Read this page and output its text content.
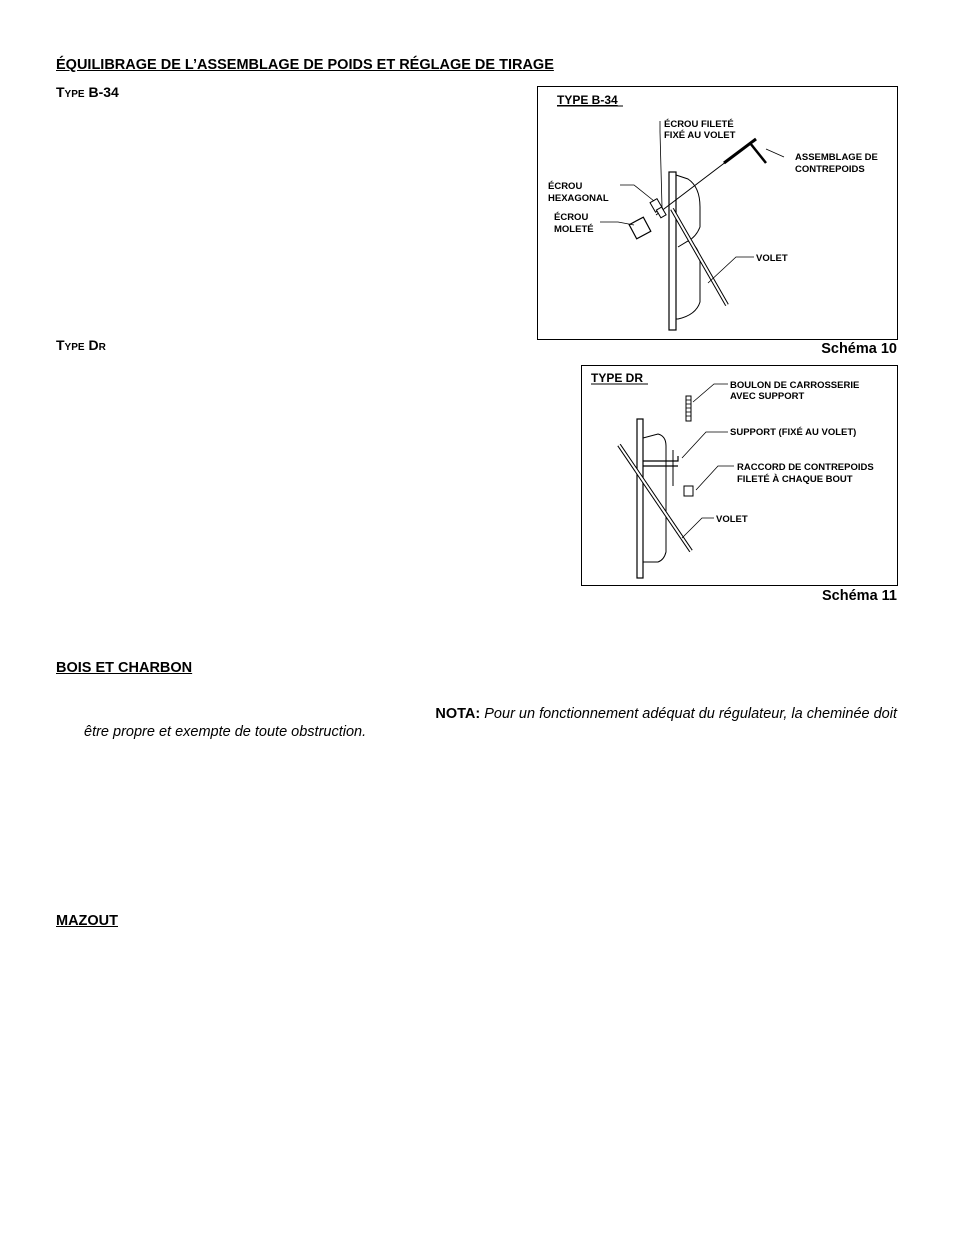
ÉQUILIBRAGE DE L’ASSEMBLAGE DE POIDS ET RÉGLAGE DE TIRAGE
Type B-34	TYPE B-34
ÉCROU FILETÉ
FIXÉ AU VOLET
ASSEMBLAGE DE
CONTREPOIDS
ÉCROU
HEXAGONAL
ÉCROU
MOLETÉ
VOLET
Schéma 10
Type Dr
TYPE DR
BOULON DE CARROSSERIE
AVEC SUPPORT
SUPPORT (FIXÉ AU VOLET)
RACCORD DE CONTREPOIDS
FILETÉ À CHAQUE BOUT
VOLET
Schéma 11
BOIS ET CHARBON
NOTA: Pour un fonctionnement adéquat du régulateur, la cheminée doit
être propre et exempte de toute obstruction.
MAZOUT
